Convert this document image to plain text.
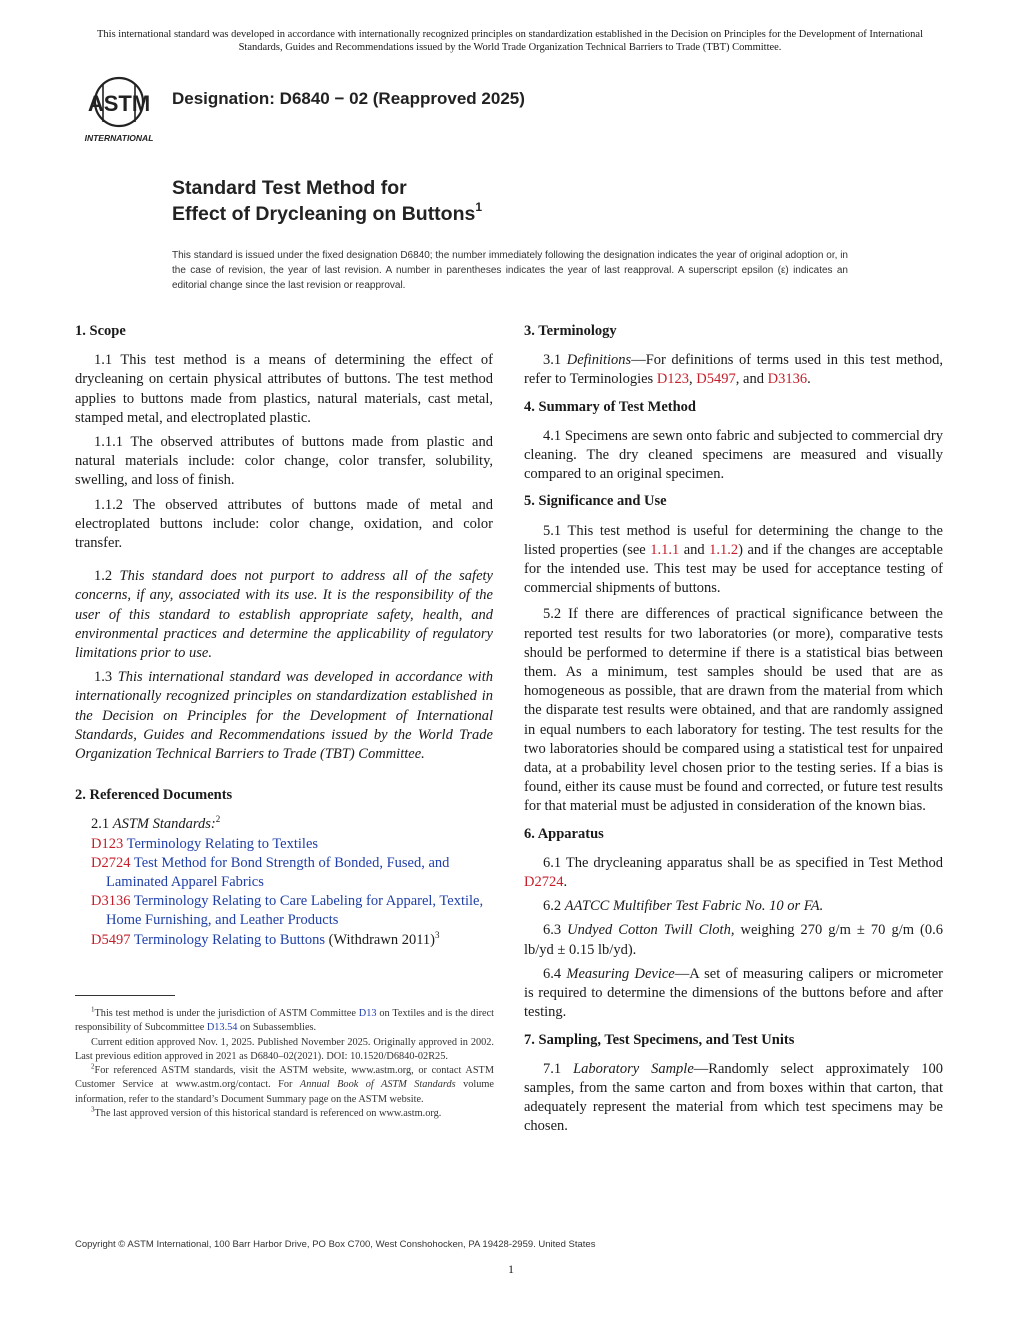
This international standard was developed in accordance with internationally recognized principles on standardization established in the Decision on Principles for the Development of International Standards, Guides and Recommendations issued by the World Trade Organization Technical Barriers to Trade (TBT) Committee.
ASTM
INTERNATIONAL
Designation: D6840 − 02 (Reapproved 2025)
Standard Test Method for
Effect of Drycleaning on Buttons$^1$
This standard is issued under the fixed designation D6840; the number immediately following the designation indicates the year of original adoption or, in the case of revision, the year of last revision. A number in parentheses indicates the year of last reapproval. A superscript epsilon (ε) indicates an editorial change since the last revision or reapproval.
1. Scope

1.1 This test method is a means of determining the effect of drycleaning on certain physical attributes of buttons. The test method applies to buttons made from plastics, natural materials, cast metal, stamped metal, and electroplated plastic.

1.1.1 The observed attributes of buttons made from plastic and natural materials include: color change, color transfer, solubility, swelling, and loss of finish.

1.1.2 The observed attributes of buttons made of metal and electroplated buttons include: color change, oxidation, and color transfer.

1.2 This standard does not purport to address all of the safety concerns, if any, associated with its use. It is the responsibility of the user of this standard to establish appropriate safety, health, and environmental practices and determine the applicability of regulatory limitations prior to use.

1.3 This international standard was developed in accordance with internationally recognized principles on standardization established in the Decision on Principles for the Development of International Standards, Guides and Recommendations issued by the World Trade Organization Technical Barriers to Trade (TBT) Committee.

2. Referenced Documents
2.1 ASTM Standards:$^2$
D123 Terminology Relating to Textiles
D2724 Test Method for Bond Strength of Bonded, Fused, and Laminated Apparel Fabrics
D3136 Terminology Relating to Care Labeling for Apparel, Textile, Home Furnishing, and Leather Products
D5497 Terminology Relating to Buttons (Withdrawn 2011)$^3$

$^1$This test method is under the jurisdiction of ASTM Committee D13 on Textiles and is the direct responsibility of Subcommittee D13.54 on Subassemblies.

Current edition approved Nov. 1, 2025. Published November 2025. Originally approved in 2002. Last previous edition approved in 2021 as D6840–02(2021). DOI: 10.1520/D6840-02R25.

$^2$For referenced ASTM standards, visit the ASTM website, www.astm.org, or contact ASTM Customer Service at www.astm.org/contact. For Annual Book of ASTM Standards volume information, refer to the standard’s Document Summary page on the ASTM website.

$^3$The last approved version of this historical standard is referenced on www.astm.org.

3. Terminology

3.1 Definitions—For definitions of terms used in this test method, refer to Terminologies D123, D5497, and D3136.

4. Summary of Test Method

4.1 Specimens are sewn onto fabric and subjected to commercial dry cleaning. The dry cleaned specimens are measured and visually compared to an original specimen.

5. Significance and Use

5.1 This test method is useful for determining the change to the listed properties (see 1.1.1 and 1.1.2) and if the changes are acceptable for the intended use. This test may be used for acceptance testing of commercial shipments of buttons.

5.2 If there are differences of practical significance between the reported test results for two laboratories (or more), comparative tests should be performed to determine if there is a statistical bias between them. As a minimum, test samples should be used that are as homogeneous as possible, that are drawn from the material from which the disparate test results were obtained, and that are randomly assigned in equal numbers to each laboratory for testing. The test results for the two laboratories should be compared using a statistical test for unpaired data, at a probability level chosen prior to the testing series. If a bias is found, either its cause must be found and corrected, or future test results for that material must be adjusted in consideration of the known bias.

6. Apparatus

6.1 The drycleaning apparatus shall be as specified in Test Method D2724.

6.2 AATCC Multifiber Test Fabric No. 10 or FA.

6.3 Undyed Cotton Twill Cloth, weighing 270 g/m ± 70 g/m (0.6 lb/yd ± 0.15 lb/yd).

6.4 Measuring Device—A set of measuring calipers or micrometer is required to determine the dimensions of the buttons before and after testing.

7. Sampling, Test Specimens, and Test Units

7.1 Laboratory Sample—Randomly select approximately 100 samples, from the same carton and from boxes within that carton, that adequately represent the material from which test specimens may be chosen.

Copyright © ASTM International, 100 Barr Harbor Drive, PO Box C700, West Conshohocken, PA 19428-2959. United States
1
